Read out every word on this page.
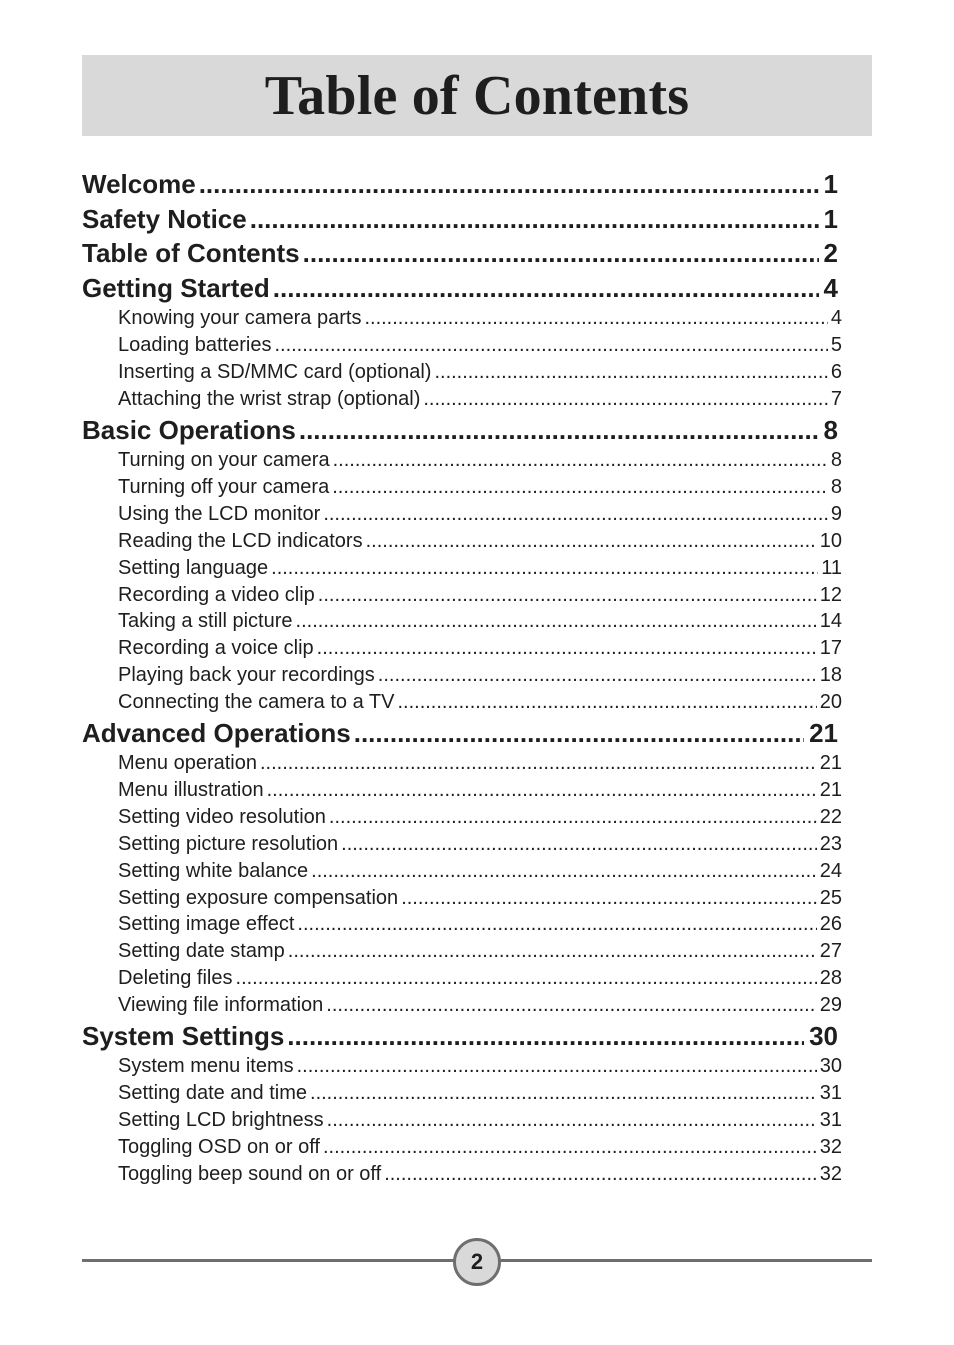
Table of Contents
Welcome .....	1
Safety Notice .....	1
Table of Contents .....	2
Getting Started .....	4
Knowing your camera parts .....	4
Loading batteries .....	5
Inserting a SD/MMC card (optional) .....	6
Attaching the wrist strap (optional) .....	7
Basic Operations .....	8
Turning on your camera .....	8
Turning off your camera .....	8
Using the LCD monitor .....	9
Reading the LCD indicators .....	10
Setting language .....	11
Recording a video clip .....	12
Taking a still picture .....	14
Recording a voice clip .....	17
Playing back your recordings .....	18
Connecting the camera to a TV .....	20
Advanced Operations .....	21
Menu operation .....	21
Menu illustration .....	21
Setting video resolution .....	22
Setting picture resolution .....	23
Setting white balance .....	24
Setting exposure compensation .....	25
Setting image effect .....	26
Setting date stamp .....	27
Deleting files .....	28
Viewing file information .....	29
System Settings .....	30
System menu items .....	30
Setting date and time .....	31
Setting LCD brightness .....	31
Toggling OSD on or off .....	32
Toggling beep sound on or off .....	32
2
